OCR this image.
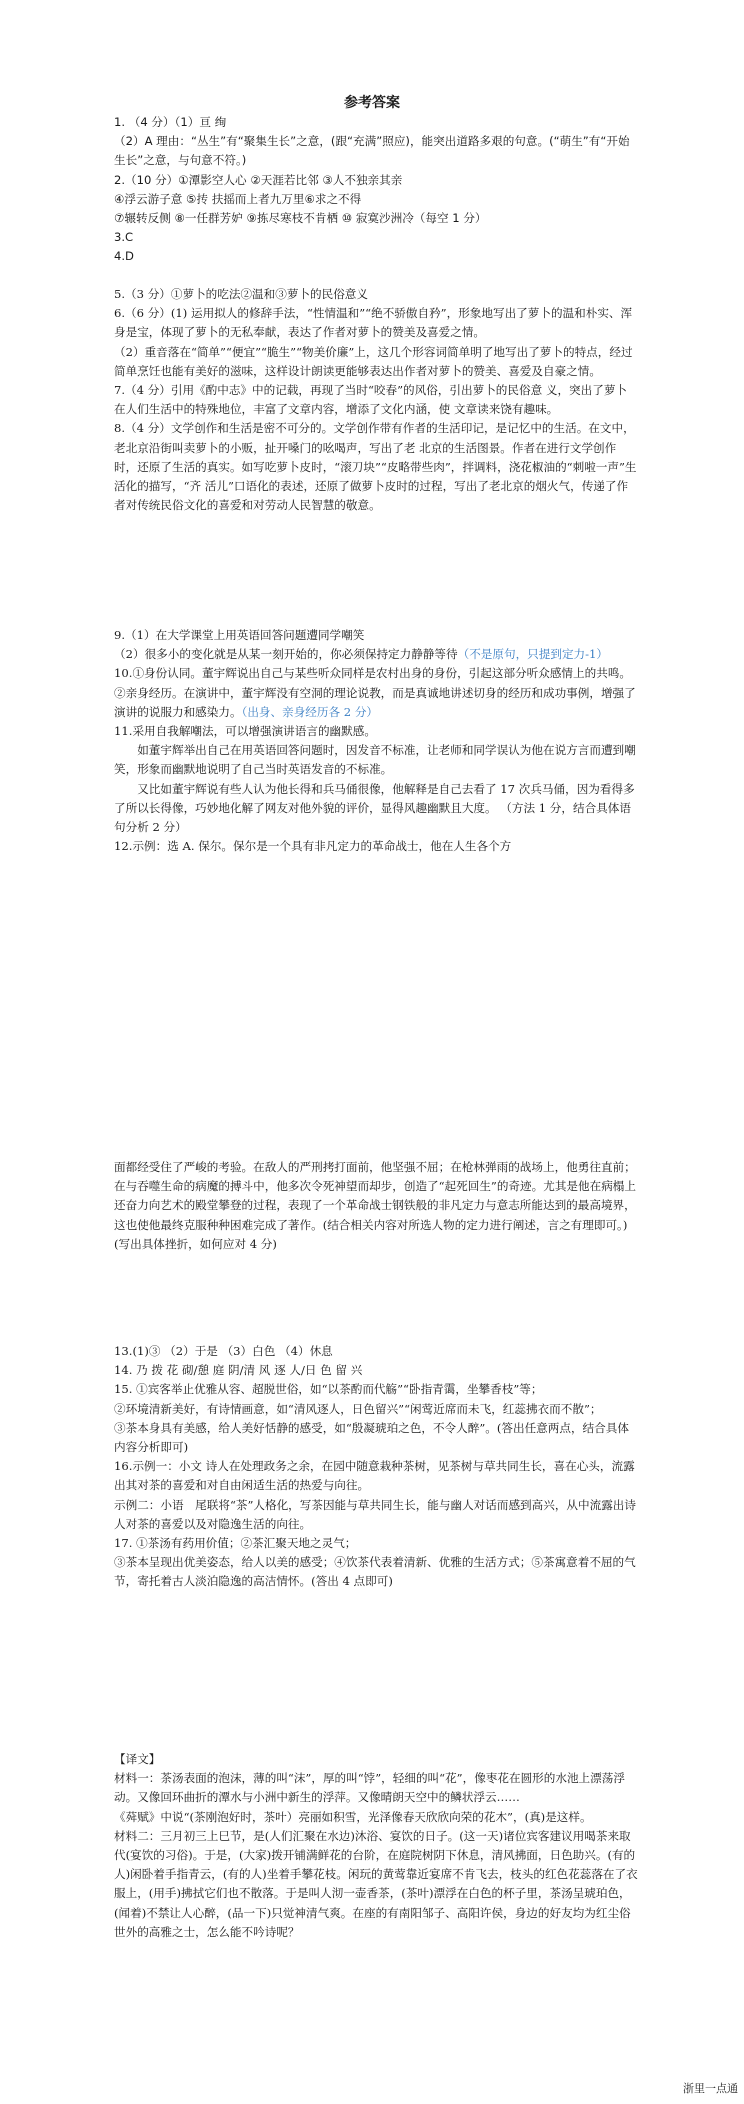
参考答案
1. （4 分）（1）亘 绚
（2）A 理由：“丛生”有“聚集生长”之意，(跟“充满”照应)，能突出道路多艰的句意。(“萌生”有“开始生长”之意，与句意不符。)
2.（10 分）①潭影空人心 ②天涯若比邻 ③人不独亲其亲
④浮云游子意 ⑤抟 扶摇而上者九万里⑥求之不得
⑦辗转反侧 ⑧一任群芳妒 ⑨拣尽寒枝不肯栖 ⑩ 寂寞沙洲冷（每空 1 分）
3.C
4.D
5.（3 分）①萝卜的吃法②温和③萝卜的民俗意义
6.（6 分）(1) 运用拟人的修辞手法，“性情温和”“绝不骄傲自矜”，形象地写出了萝卜的温和朴实、浑身是宝，体现了萝卜的无私奉献，表达了作者对萝卜的赞美及喜爱之情。
（2）重音落在“简单”“便宜”“脆生”“物美价廉”上，这几个形容词简单明了地写出了萝卜的特点，经过简单烹饪也能有美好的滋味，这样设计朗读更能够表达出作者对萝卜的赞美、喜爱及自豪之情。
7.（4 分）引用《酌中志》中的记载，再现了当时“咬春”的风俗，引出萝卜的民俗意 义，突出了萝卜在人们生活中的特殊地位，丰富了文章内容，增添了文化内涵，使 文章读来饶有趣味。
8.（4 分）文学创作和生活是密不可分的。文学创作带有作者的生活印记，是记忆中的生活。在文中，老北京沿街叫卖萝卜的小贩，扯开嗓门的吆喝声，写出了老 北京的生活图景。作者在进行文学创作时，还原了生活的真实。如写吃萝卜皮时，“滚刀块”“皮略带些肉”，拌调料，浇花椒油的“刺啦一声”生活化的描写，“齐 活儿”口语化的表述，还原了做萝卜皮时的过程，写出了老北京的烟火气，传递了作者对传统民俗文化的喜爱和对劳动人民智慧的敬意。
9.（1）在大学课堂上用英语回答问题遭同学嘲笑
（2）很多小的变化就是从某一刻开始的，你必须保持定力静静等待（不是原句，只提到定力-1）
10.①身份认同。董宇辉说出自己与某些听众同样是农村出身的身份，引起这部分听众感情上的共鸣。
②亲身经历。在演讲中，董宇辉没有空洞的理论说教，而是真诚地讲述切身的经历和成功事例，增强了演讲的说服力和感染力。（出身、亲身经历各 2 分）
11.采用自我解嘲法，可以增强演讲语言的幽默感。
如董宇辉举出自己在用英语回答问题时，因发音不标准，让老师和同学误认为他在说方言而遭到嘲笑，形象而幽默地说明了自己当时英语发音的不标准。
又比如董宇辉说有些人认为他长得和兵马俑很像，他解释是自己去看了 17 次兵马俑，因为看得多了所以长得像，巧妙地化解了网友对他外貌的评价，显得风趣幽默且大度。 （方法 1 分，结合具体语句分析 2 分）
12.示例：选 A. 保尔。保尔是一个具有非凡定力的革命战士，他在人生各个方
面都经受住了严峻的考验。在敌人的严刑拷打面前，他坚强不屈；在枪林弹雨的战场上，他勇往直前；在与吞噬生命的病魔的搏斗中，他多次令死神望而却步，创造了“起死回生”的奇迹。尤其是他在病榻上还奋力向艺术的殿堂攀登的过程，表现了一个革命战士钢铁般的非凡定力与意志所能达到的最高境界，这也使他最终克服种种困难完成了著作。(结合相关内容对所选人物的定力进行阐述，言之有理即可。)　　(写出具体挫折，如何应对 4 分)
13.(1)③ （2）于是 （3）白色 （4）休息
14. 乃 拨 花 砌/憩 庭 阴/清 风 逐 人/日 色 留 兴
15. ①宾客举止优雅从容、超脱世俗，如“以茶酌而代觞”“卧指青霭，坐攀香枝”等；
②环境清新美好，有诗情画意，如“清风逐人，日色留兴”“闲莺近席而未飞，红蕊拂衣而不散”；
③茶本身具有美感，给人美好恬静的感受，如“殷凝琥珀之色，不令人醉”。(答出任意两点，结合具体内容分析即可)
16.示例一：小文 诗人在处理政务之余，在园中随意栽种茶树，见茶树与草共同生长，喜在心头，流露出其对茶的喜爱和对自由闲适生活的热爱与向往。
示例二：小语　尾联将“茶”人格化，写茶因能与草共同生长，能与幽人对话而感到高兴，从中流露出诗人对茶的喜爱以及对隐逸生活的向往。
17. ①茶汤有药用价值；②茶汇聚天地之灵气；
③茶本呈现出优美姿态，给人以美的感受；④饮茶代表着清新、优雅的生活方式；⑤茶寓意着不屈的气节，寄托着古人淡泊隐逸的高洁情怀。(答出 4 点即可)
【译文】
材料一：茶汤表面的泡沫，薄的叫“沫”，厚的叫“饽”，轻细的叫“花”，像枣花在圆形的水池上漂荡浮动。又像回环曲折的潭水与小洲中新生的浮萍。又像晴朗天空中的鳞状浮云……
《荈赋》中说“(茶刚泡好时，茶叶）亮丽如积雪，光泽像春天欣欣向荣的花木”，(真)是这样。
材料二：三月初三上巳节，是(人们汇聚在水边)沐浴、宴饮的日子。(这一天)诸位宾客建议用喝茶来取代(宴饮的习俗)。于是，(大家)拨开铺满鲜花的台阶，在庭院树阴下休息，清风拂面，日色助兴。(有的人)闲卧着手指青云，(有的人)坐着手攀花枝。闲玩的黄莺靠近宴席不肯飞去，枝头的红色花蕊落在了衣服上，(用手)拂拭它们也不散落。于是叫人沏一壶香茶，(茶叶)漂浮在白色的杯子里，茶汤呈琥珀色，(闻着)不禁让人心醉，(品一下)只觉神清气爽。在座的有南阳邹子、高阳许侯，身边的好友均为红尘俗世外的高雅之士，怎么能不吟诗呢？
浙里一点通
